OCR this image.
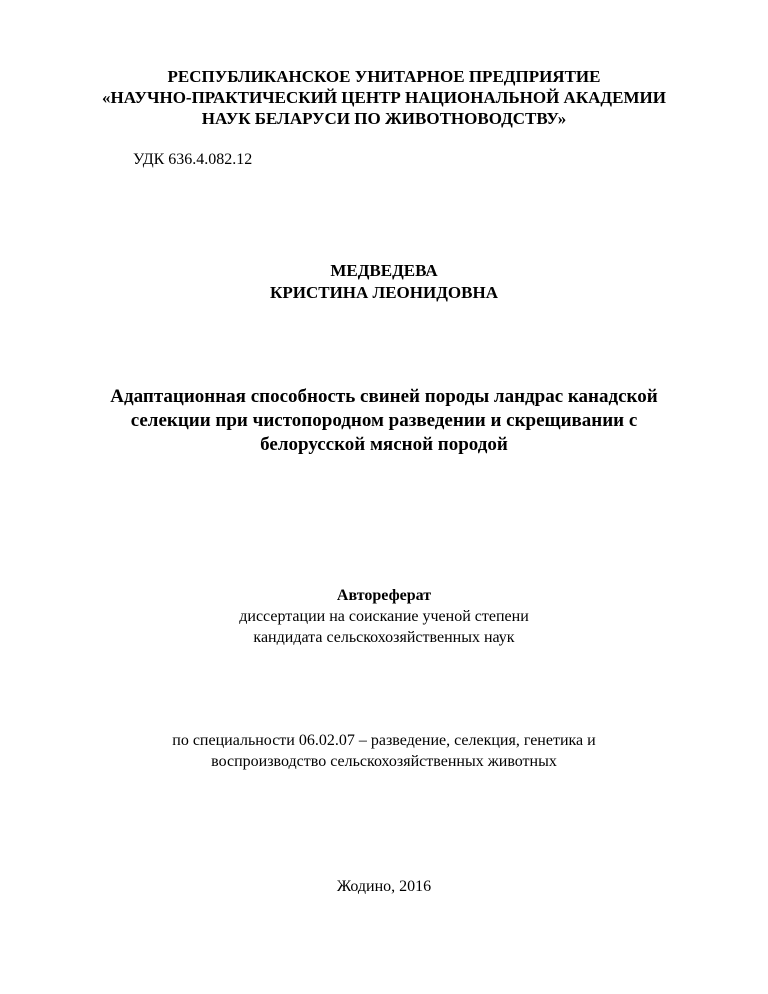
РЕСПУБЛИКАНСКОЕ УНИТАРНОЕ ПРЕДПРИЯТИЕ
«НАУЧНО-ПРАКТИЧЕСКИЙ ЦЕНТР НАЦИОНАЛЬНОЙ АКАДЕМИИ
НАУК БЕЛАРУСИ ПО ЖИВОТНОВОДСТВУ»
УДК 636.4.082.12
МЕДВЕДЕВА
КРИСТИНА ЛЕОНИДОВНА
Адаптационная способность свиней породы ландрас канадской
селекции при чистопородном разведении и скрещивании с
белорусской мясной породой
Автореферат
диссертации на соискание ученой степени
кандидата сельскохозяйственных наук
по специальности 06.02.07 – разведение, селекция, генетика и
воспроизводство сельскохозяйственных животных
Жодино, 2016
